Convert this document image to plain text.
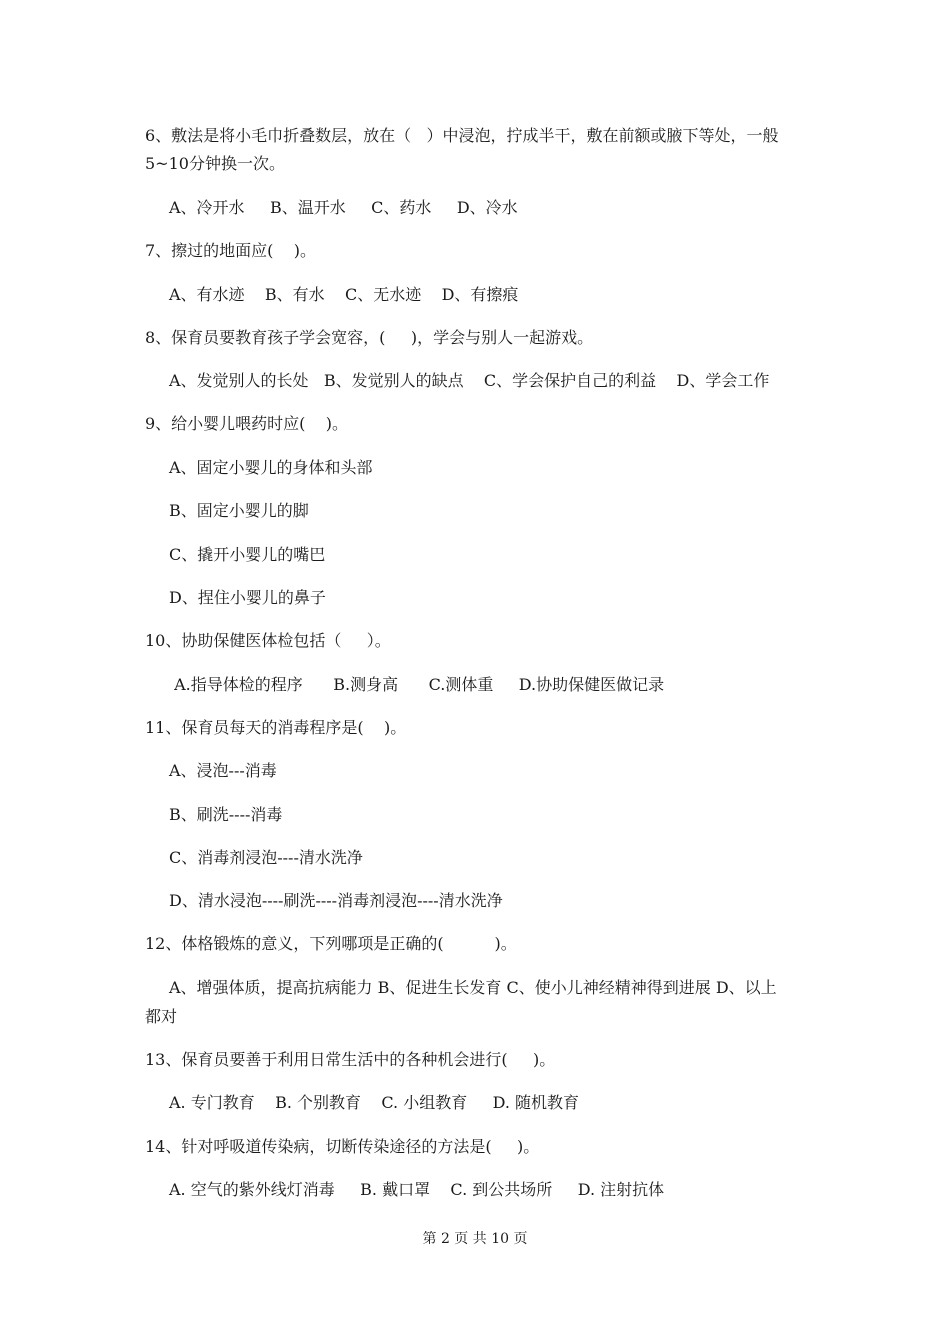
6、敷法是将小毛巾折叠数层，放在（   ）中浸泡，拧成半干，敷在前额或腋下等处，一般
5~10分钟换一次。
A、冷开水     B、温开水     C、药水     D、冷水
7、擦过的地面应(    )。
A、有水迹    B、有水    C、无水迹    D、有擦痕
8、保育员要教育孩子学会宽容，(     )，学会与别人一起游戏。
A、发觉别人的长处   B、发觉别人的缺点    C、学会保护自己的利益    D、学会工作
9、给小婴儿喂药时应(    )。
A、固定小婴儿的身体和头部
B、固定小婴儿的脚
C、撬开小婴儿的嘴巴
D、捏住小婴儿的鼻子
10、协助保健医体检包括（     ）。
A.指导体检的程序      B.测身高      C.测体重     D.协助保健医做记录
11、保育员每天的消毒程序是(    )。
A、浸泡---消毒
B、刷洗----消毒
C、消毒剂浸泡----清水洗净
D、清水浸泡----刷洗----消毒剂浸泡----清水洗净
12、体格锻炼的意义，下列哪项是正确的(          )。
A、增强体质，提高抗病能力 B、促进生长发育 C、使小儿神经精神得到进展 D、以上
都对
13、保育员要善于利用日常生活中的各种机会进行(     )。
A. 专门教育    B. 个别教育    C. 小组教育     D. 随机教育
14、针对呼吸道传染病，切断传染途径的方法是(     )。
A. 空气的紫外线灯消毒     B. 戴口罩    C. 到公共场所     D. 注射抗体
第 2 页 共 10 页
